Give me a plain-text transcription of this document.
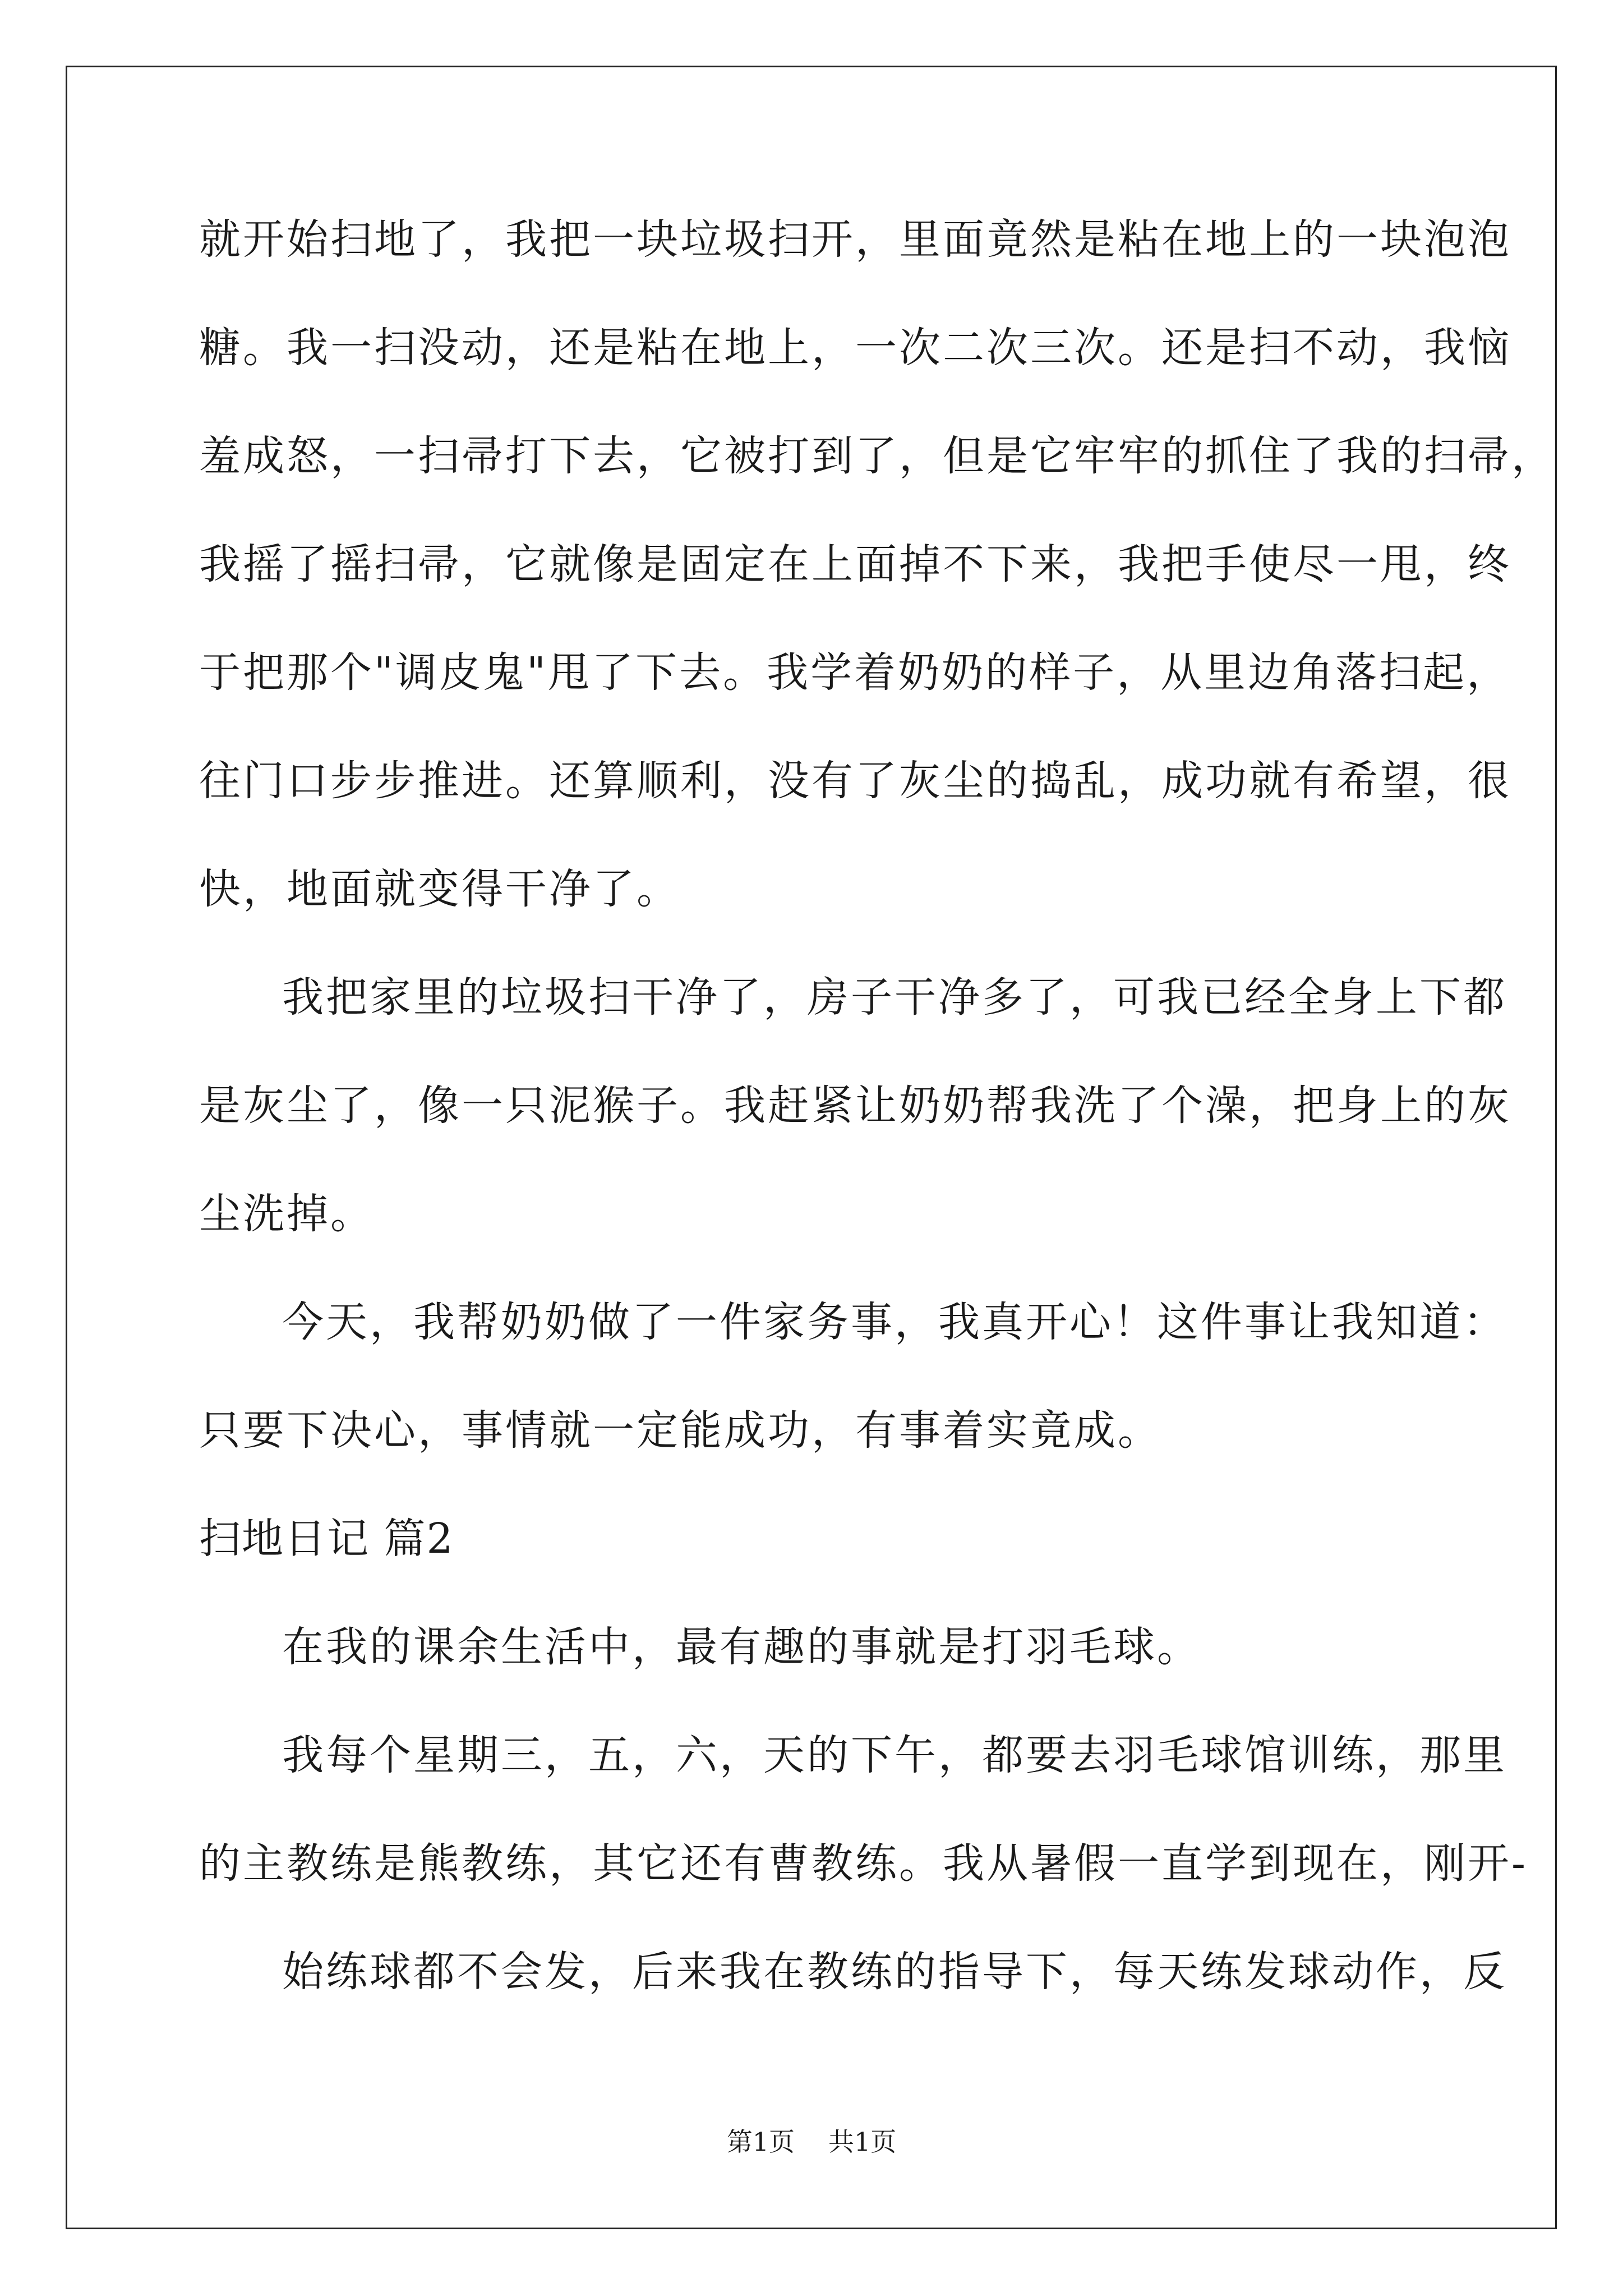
就开始扫地了，我把一块垃圾扫开，里面竟然是粘在地上的一块泡泡
糖。我一扫没动，还是粘在地上，一次二次三次。还是扫不动，我恼
羞成怒，一扫帚打下去，它被打到了，但是它牢牢的抓住了我的扫帚，
我摇了摇扫帚，它就像是固定在上面掉不下来，我把手使尽一甩，终
于把那个"调皮鬼"甩了下去。我学着奶奶的样子，从里边角落扫起，
往门口步步推进。还算顺利，没有了灰尘的捣乱，成功就有希望，很
快，地面就变得干净了。
我把家里的垃圾扫干净了，房子干净多了，可我已经全身上下都
是灰尘了，像一只泥猴子。我赶紧让奶奶帮我洗了个澡，把身上的灰
尘洗掉。
今天，我帮奶奶做了一件家务事，我真开心！这件事让我知道：
只要下决心，事情就一定能成功，有事着实竟成。
扫地日记 篇2
在我的课余生活中，最有趣的事就是打羽毛球。
我每个星期三，五，六，天的下午，都要去羽毛球馆训练，那里
的主教练是熊教练，其它还有曹教练。我从暑假一直学到现在，刚开-
始练球都不会发，后来我在教练的指导下，每天练发球动作，反
第1页 共1页
